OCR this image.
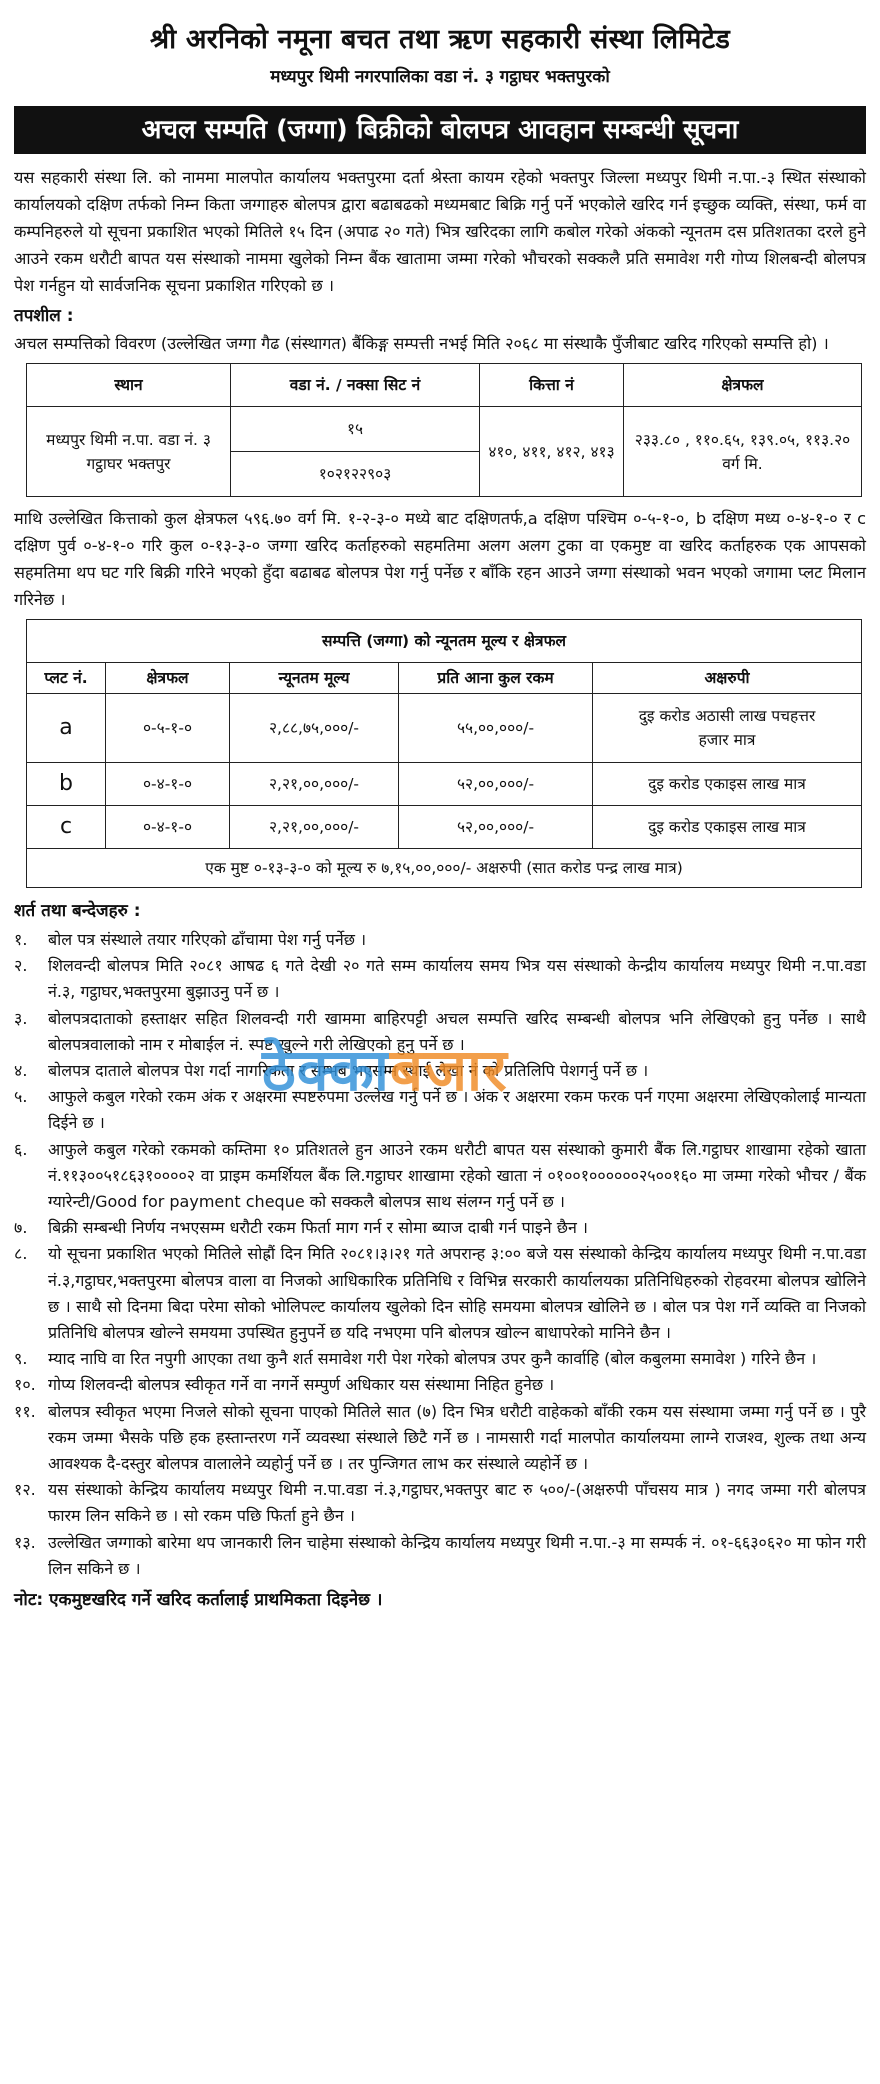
श्री अरनिको नमूना बचत तथा ऋण सहकारी संस्था लिमिटेड
मध्यपुर थिमी नगरपालिका वडा नं. ३ गट्ठाघर भक्तपुरको
अचल सम्पति (जग्गा) बिक्रीको बोलपत्र आवहान सम्बन्धी सूचना

यस सहकारी संस्था लि. को नाममा मालपोत कार्यालय भक्तपुरमा दर्ता श्रेस्ता कायम रहेको भक्तपुर जिल्ला मध्यपुर थिमी न.पा.-३ स्थित संस्थाको कार्यालयको दक्षिण तर्फको निम्न किता जग्गाहरु बोलपत्र द्वारा बढाबढको मध्यमबाट बिक्रि गर्नु पर्ने भएकोले खरिद गर्न इच्छुक व्यक्ति, संस्था, फर्म वा कम्पनिहरुले यो सूचना प्रकाशित भएको मितिले १५ दिन (अपाढ २० गते) भित्र खरिदका लागि कबोल गरेको अंकको न्यूनतम दस प्रतिशतका दरले हुने आउने रकम धरौटी बापत यस संस्थाको नाममा खुलेको निम्न बैंक खातामा जम्मा गरेको भौचरको सक्कलै प्रति समावेश गरी गोप्य शिलबन्दी बोलपत्र पेश गर्नहुन यो सार्वजनिक सूचना प्रकाशित गरिएको छ ।

तपशील :

अचल सम्पत्तिको विवरण (उल्लेखित जग्गा गैढ (संस्थागत) बैंकिङ्ग सम्पत्ती नभई मिति २०६८ मा संस्थाकै पुँजीबाट खरिद गरिएको सम्पत्ति हो) ।

स्थान	वडा नं. / नक्सा सिट नं	कित्ता नं	क्षेत्रफल
मध्यपुर थिमी न.पा. वडा नं. ३ गट्ठाघर भक्तपुर	१५	४१०, ४११, ४१२, ४१३	२३३.८० , ११०.६५, १३९.०५, ११३.२० वर्ग मि.
	१०२१२२९०३		

माथि उल्लेखित कित्ताको कुल क्षेत्रफल ५९६.७० वर्ग मि. १-२-३-० मध्ये बाट दक्षिणतर्फ,a दक्षिण पश्चिम ०-५-१-०, b दक्षिण मध्य ०-४-१-० र c दक्षिण पुर्व ०-४-१-० गरि कुल ०-१३-३-० जग्गा खरिद कर्ताहरुको सहमतिमा अलग अलग टुका वा एकमुष्ट वा खरिद कर्ताहरुक एक आपसको सहमतिमा थप घट गरि बिक्री गरिने भएको हुँदा बढाबढ बोलपत्र पेश गर्नु पर्नेछ र बाँकि रहन आउने जग्गा संस्थाको भवन भएको जगामा प्लट मिलान गरिनेछ ।

सम्पत्ति (जग्गा) को न्यूनतम मूल्य र क्षेत्रफल				
प्लट नं.	क्षेत्रफल	न्यूनतम मूल्य	प्रति आना कुल रकम	अक्षरुपी
a	०-५-१-०	२,८८,७५,०००/-	५५,००,०००/-	दुइ करोड अठासी लाख पचहत्तर हजार मात्र
b	०-४-१-०	२,२१,००,०००/-	५२,००,०००/-	दुइ करोड एकाइस लाख मात्र
c	०-४-१-०	२,२१,००,०००/-	५२,००,०००/-	दुइ करोड एकाइस लाख मात्र
एक मुष्ट ०-१३-३-० को मूल्य रु ७,१५,००,०००/- अक्षरुपी (सात करोड पन्द्र लाख मात्र)				
शर्त तथा बन्देजहरु :
१.	बोल पत्र संस्थाले तयार गरिएको ढाँचामा पेश गर्नु पर्नेछ ।
२.	शिलवन्दी बोलपत्र मिति २०८१ आषढ ६ गते देखी २० गते सम्म कार्यालय समय भित्र यस संस्थाको केन्द्रीय कार्यालय मध्यपुर थिमी न.पा.वडा नं.३, गट्ठाघर,भक्तपुरमा बुझाउनु पर्ने छ ।
३.	बोलपत्रदाताको हस्ताक्षर सहित शिलवन्दी गरी खाममा बाहिरपट्टी अचल सम्पत्ति खरिद सम्बन्धी बोलपत्र भनि लेखिएको हुनु पर्नेछ । साथै बोलपत्रवालाको नाम र मोबाईल नं. स्पष्ट खुल्ने गरी लेखिएको हुनु पर्ने छ ।
४.	बोलपत्र दाताले बोलपत्र पेश गर्दा नागरिकता र सम्भब भएसम्म स्थाई लेखा नं को प्रतिलिपि पेशगर्नु पर्ने छ ।
५.	आफुले कबुल गरेको रकम अंक र अक्षरमा स्पष्टरुपमा उल्लेख गर्नु पर्ने छ । अंक र अक्षरमा रकम फरक पर्न गएमा अक्षरमा लेखिएकोलाई मान्यता दिईने छ ।
६.	आफुले कबुल गरेको रकमको कम्तिमा १० प्रतिशतले हुन आउने रकम धरौटी बापत यस संस्थाको कुमारी बैंक लि.गट्ठाघर शाखामा रहेको खाता नं.११३००५१८६३१००००२ वा प्राइम कमर्शियल बैंक लि.गट्ठाघर शाखामा रहेको खाता नं ०१००१००००००२५००१६० मा जम्मा गरेको भौचर / बैंक ग्यारेन्टी/Good for payment cheque को सक्कलै बोलपत्र साथ संलग्न गर्नु पर्ने छ ।
७.	बिक्री सम्बन्धी निर्णय नभएसम्म धरौटी रकम फिर्ता माग गर्न र सोमा ब्याज दाबी गर्न पाइने छैन ।
८.	यो सूचना प्रकाशित भएको मितिले सोह्रौं दिन मिति २०८१।३।२१ गते अपरान्ह ३:०० बजे यस संस्थाको केन्द्रिय कार्यालय मध्यपुर थिमी न.पा.वडा नं.३,गट्ठाघर,भक्तपुरमा बोलपत्र वाला वा निजको आधिकारिक प्रतिनिधि र विभिन्न सरकारी कार्यालयका प्रतिनिधिहरुको रोहवरमा बोलपत्र खोलिने छ । साथै सो दिनमा बिदा परेमा सोको भोलिपल्ट कार्यालय खुलेको दिन सोहि समयमा बोलपत्र खोलिने छ । बोल पत्र पेश गर्ने व्यक्ति वा निजको प्रतिनिधि बोलपत्र खोल्ने समयमा उपस्थित हुनुपर्ने छ यदि नभएमा पनि बोलपत्र खोल्न बाधापरेको मानिने छैन ।
९.	म्याद नाघि वा रित नपुगी आएका तथा कुनै शर्त समावेश गरी पेश गरेको बोलपत्र उपर कुनै कार्वाहि (बोल कबुलमा समावेश ) गरिने छैन ।
१०. गोप्य शिलवन्दी बोलपत्र स्वीकृत गर्ने वा नगर्ने सम्पुर्ण अधिकार यस संस्थामा निहित हुनेछ ।
११. बोलपत्र स्वीकृत भएमा निजले सोको सूचना पाएको मितिले सात (७) दिन भित्र धरौटी वाहेकको बाँकी रकम यस संस्थामा जम्मा गर्नु पर्ने छ । पुरै रकम जम्मा भैसके पछि हक हस्तान्तरण गर्ने व्यवस्था संस्थाले छिटै गर्ने छ । नामसारी गर्दा मालपोत कार्यालयमा लाग्ने राजश्व, शुल्क तथा अन्य आवश्यक दै-दस्तुर बोलपत्र वालालेने व्यहोर्नु पर्ने छ । तर पुन्जिगत लाभ कर संस्थाले व्यहोर्ने छ ।
१२. यस संस्थाको केन्द्रिय कार्यालय मध्यपुर थिमी न.पा.वडा नं.३,गट्ठाघर,भक्तपुर बाट रु ५००/-(अक्षरुपी पाँचसय मात्र ) नगद जम्मा गरी बोलपत्र फारम लिन सकिने छ । सो रकम पछि फिर्ता हुने छैन ।
१३. उल्लेखित जग्गाको बारेमा थप जानकारी लिन चाहेमा संस्थाको केन्द्रिय कार्यालय मध्यपुर थिमी न.पा.-३ मा सम्पर्क नं. ०१-६६३०६२० मा फोन गरी लिन सकिने छ ।
नोट: एकमुष्टखरिद गर्ने खरिद कर्तालाई प्राथमिकता दिइनेछ ।
ठेक्काबजार
